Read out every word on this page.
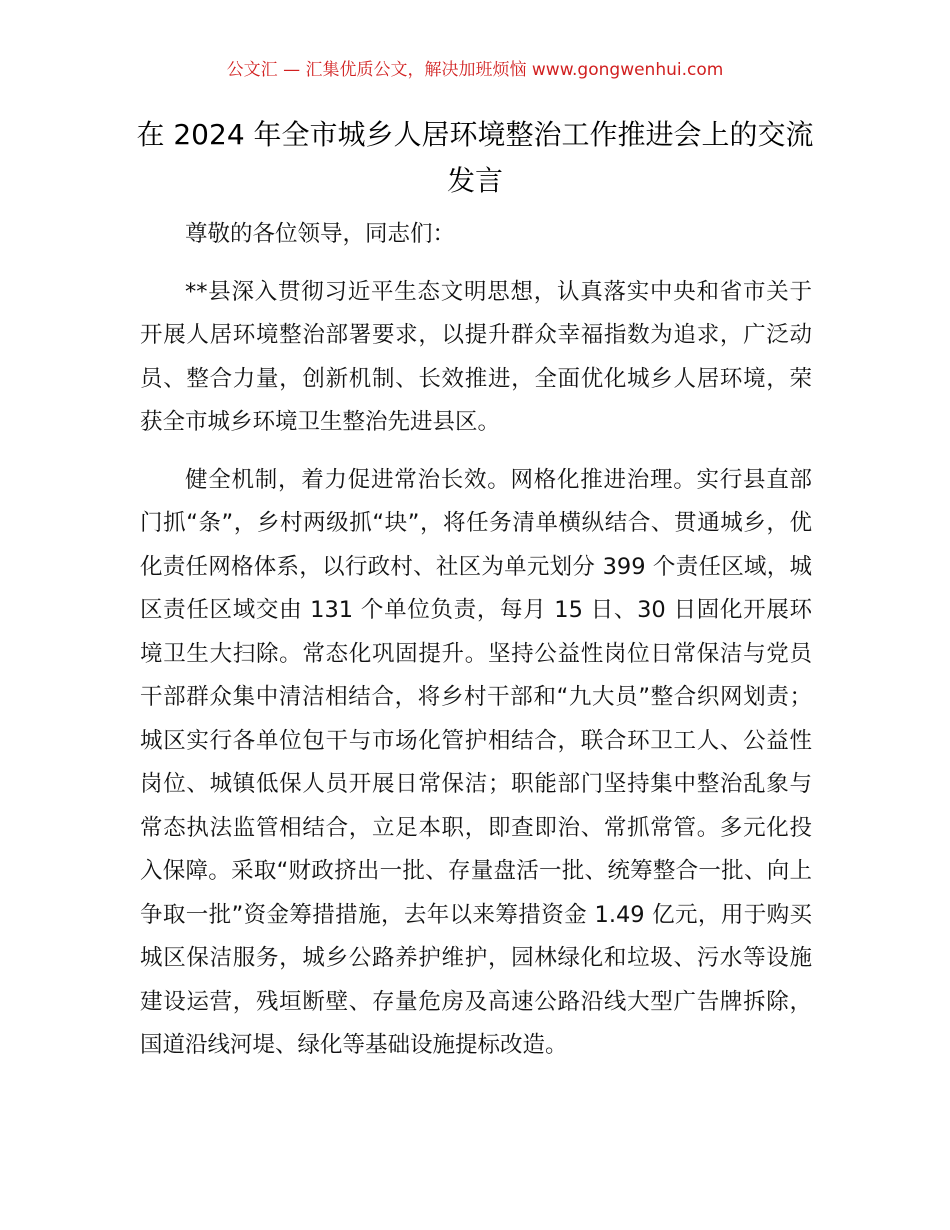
公文汇 — 汇集优质公文，解决加班烦恼 www.gongwenhui.com
在 2024 年全市城乡人居环境整治工作推进会上的交流发言

尊敬的各位领导，同志们：

**县深入贯彻习近平生态文明思想，认真落实中央和省市关于开展人居环境整治部署要求，以提升群众幸福指数为追求，广泛动员、整合力量，创新机制、长效推进，全面优化城乡人居环境，荣获全市城乡环境卫生整治先进县区。

健全机制，着力促进常治长效。网格化推进治理。实行县直部门抓“条”，乡村两级抓“块”，将任务清单横纵结合、贯通城乡，优化责任网格体系，以行政村、社区为单元划分 399 个责任区域，城区责任区域交由 131 个单位负责，每月 15 日、30 日固化开展环境卫生大扫除。常态化巩固提升。坚持公益性岗位日常保洁与党员干部群众集中清洁相结合，将乡村干部和“九大员”整合织网划责；城区实行各单位包干与市场化管护相结合，联合环卫工人、公益性岗位、城镇低保人员开展日常保洁；职能部门坚持集中整治乱象与常态执法监管相结合，立足本职，即查即治、常抓常管。多元化投入保障。采取“财政挤出一批、存量盘活一批、统筹整合一批、向上争取一批”资金筹措措施，去年以来筹措资金 1.49 亿元，用于购买城区保洁服务，城乡公路养护维护，园林绿化和垃圾、污水等设施建设运营，残垣断壁、存量危房及高速公路沿线大型广告牌拆除，国道沿线河堤、绿化等基础设施提标改造。
